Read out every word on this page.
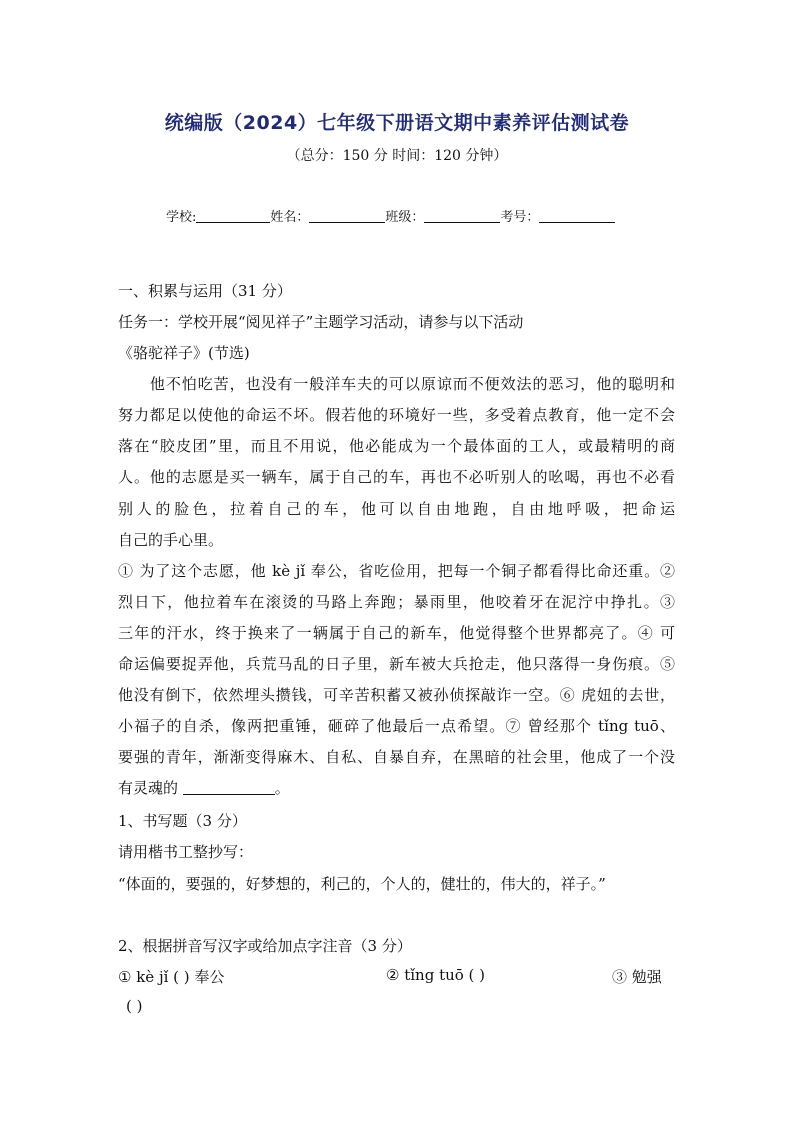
统编版（2024）七年级下册语文期中素养评估测试卷
（总分：150 分 时间：120 分钟）
学校:	姓名：	班级：	考号：
一、积累与运用（31 分）
任务一：学校开展“阅见祥子”主题学习活动，请参与以下活动
《骆驼祥子》(节选)
　　他不怕吃苦，也没有一般洋车夫的可以原谅而不便效法的恶习，他的聪明和
努力都足以使他的命运不坏。假若他的环境好一些，多受着点教育，他一定不会
落在“胶皮团”里，而且不用说，他必能成为一个最体面的工人，或最精明的商
人。他的志愿是买一辆车，属于自己的车，再也不必听别人的吆喝，再也不必看
别人的脸色，拉着自己的车，他可以自由地跑，自由地呼吸，把命运
自己的手心里。
① 为了这个志愿，他 kè jǐ 奉公，省吃俭用，把每一个铜子都看得比命还重。②
烈日下，他拉着车在滚烫的马路上奔跑；暴雨里，他咬着牙在泥泞中挣扎。③
三年的汗水，终于换来了一辆属于自己的新车，他觉得整个世界都亮了。④ 可
命运偏要捉弄他，兵荒马乱的日子里，新车被大兵抢走，他只落得一身伤痕。⑤
他没有倒下，依然埋头攒钱，可辛苦积蓄又被孙侦探敲诈一空。⑥ 虎妞的去世，
小福子的自杀，像两把重锤，砸碎了他最后一点希望。⑦ 曾经那个 tǐng tuō、
要强的青年，渐渐变得麻木、自私、自暴自弃，在黑暗的社会里，他成了一个没
有灵魂的	。
1、书写题（3 分）
请用楷书工整抄写：
“体面的，要强的，好梦想的，利己的，个人的，健壮的，伟大的，祥子。”
2、根据拼音写汉字或给加点字注音（3 分）
① kè jǐ ( ) 奉公	② tǐng tuō ( )	③ 勉强
( )
